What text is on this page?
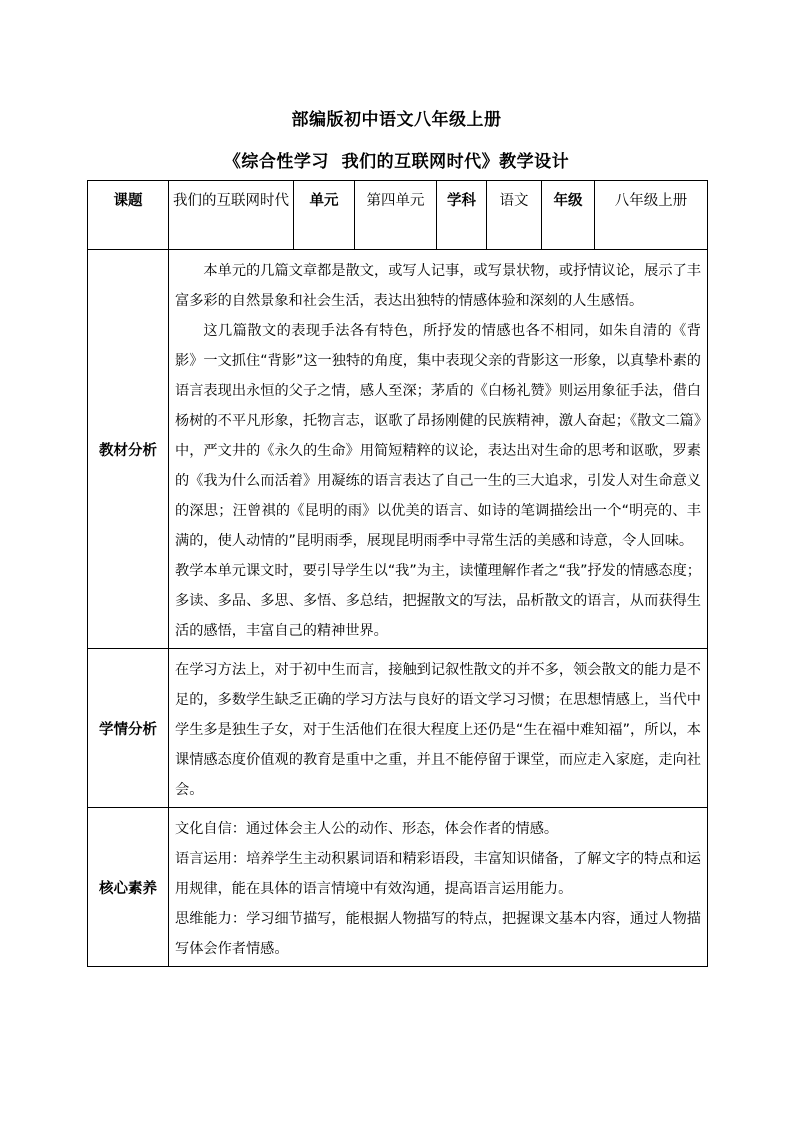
部编版初中语文八年级上册
《综合性学习  我们的互联网时代》教学设计
课题	我们的互联网时代	单元	第四单元	学科	语文	年级	八年级上册
教材分析	本单元的几篇文章都是散文，或写人记事，或写景状物，或抒情议论，展示了丰富多彩的自然景象和社会生活，表达出独特的情感体验和深刻的人生感悟。

这几篇散文的表现手法各有特色，所抒发的情感也各不相同，如朱自清的《背影》一文抓住“背影”这一独特的角度，集中表现父亲的背影这一形象，以真挚朴素的语言表现出永恒的父子之情，感人至深；茅盾的《白杨礼赞》则运用象征手法，借白杨树的不平凡形象，托物言志，讴歌了昂扬刚健的民族精神，激人奋起；《散文二篇》中，严文井的《永久的生命》用简短精粹的议论，表达出对生命的思考和讴歌，罗素的《我为什么而活着》用凝练的语言表达了自己一生的三大追求，引发人对生命意义的深思；汪曾祺的《昆明的雨》以优美的语言、如诗的笔调描绘出一个“明亮的、丰满的，使人动情的”昆明雨季，展现昆明雨季中寻常生活的美感和诗意，令人回味。

教学本单元课文时，要引导学生以“我”为主，读懂理解作者之“我”抒发的情感态度；多读、多品、多思、多悟、多总结，把握散文的写法，品析散文的语言，从而获得生活的感悟，丰富自己的精神世界。						

学情分析	在学习方法上，对于初中生而言，接触到记叙性散文的并不多，领会散文的能力是不足的，多数学生缺乏正确的学习方法与良好的语文学习习惯；在思想情感上，当代中学生多是独生子女，对于生活他们在很大程度上还仍是“生在福中难知福”，所以，本课情感态度价值观的教育是重中之重，并且不能停留于课堂，而应走入家庭，走向社会。						

核心素养	文化自信：通过体会主人公的动作、形态，体会作者的情感。

语言运用：培养学生主动积累词语和精彩语段，丰富知识储备，了解文字的特点和运用规律，能在具体的语言情境中有效沟通，提高语言运用能力。

思维能力：学习细节描写，能根据人物描写的特点，把握课文基本内容，通过人物描写体会作者情感。						
